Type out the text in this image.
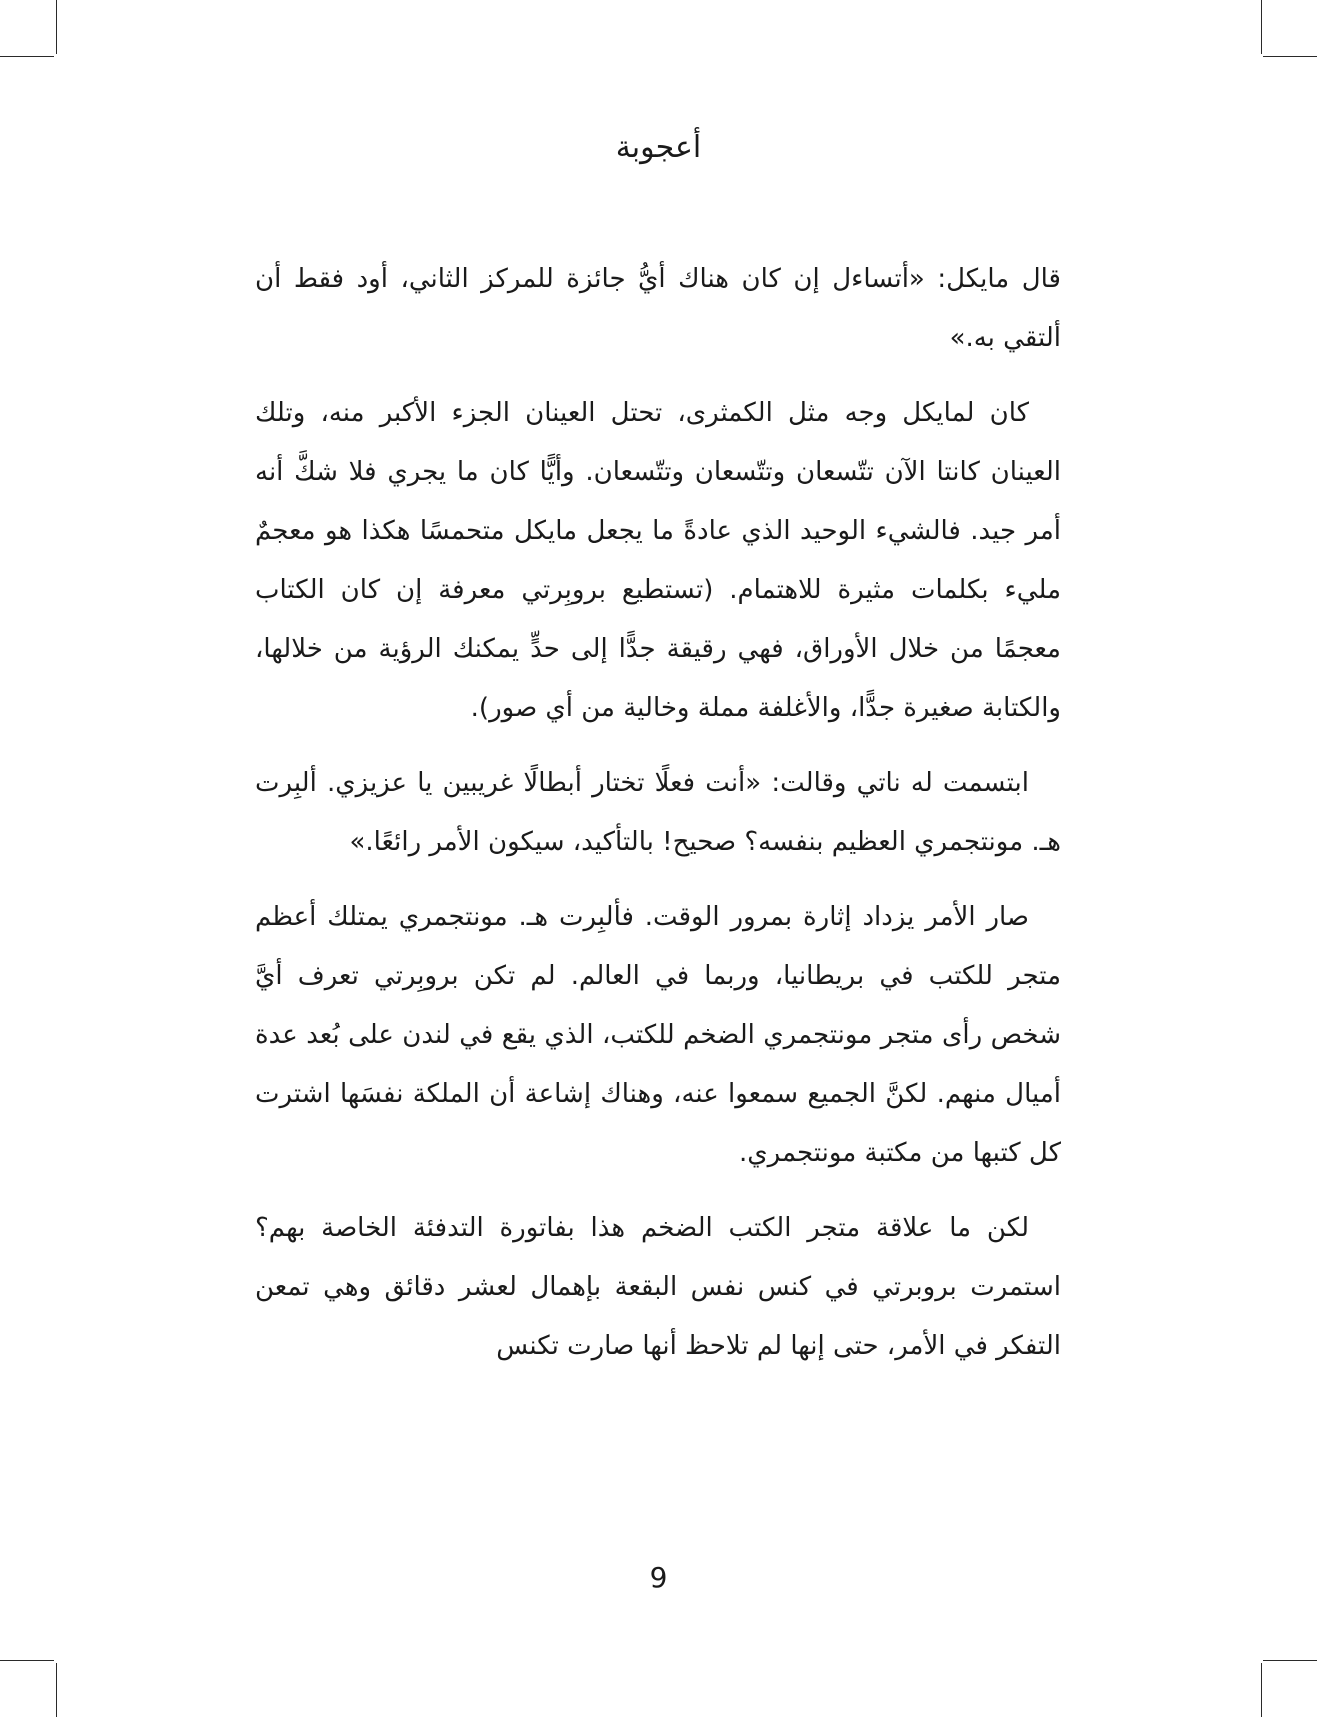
أعجوبة

قال مايكل: «أتساءل إن كان هناك أيُّ جائزة للمركز الثاني، أود فقط أن ألتقي به.»

كان لمايكل وجه مثل الكمثرى، تحتل العينان الجزء الأكبر منه، وتلك العينان كانتا الآن تتّسعان وتتّسعان وتتّسعان. وأيًّا كان ما يجري فلا شكَّ أنه أمر جيد. فالشيء الوحيد الذي عادةً ما يجعل مايكل متحمسًا هكذا هو معجمٌ مليء بكلمات مثيرة للاهتمام. (تستطيع بروبِرتي معرفة إن كان الكتاب معجمًا من خلال الأوراق، فهي رقيقة جدًّا إلى حدٍّ يمكنك الرؤية من خلالها، والكتابة صغيرة جدًّا، والأغلفة مملة وخالية من أي صور).

ابتسمت له ناتي وقالت: «أنت فعلًا تختار أبطالًا غريبين يا عزيزي. ألبِرت هـ. مونتجمري العظيم بنفسه؟ صحيح! بالتأكيد، سيكون الأمر رائعًا.»

صار الأمر يزداد إثارة بمرور الوقت. فألبِرت هـ. مونتجمري يمتلك أعظم متجر للكتب في بريطانيا، وربما في العالم. لم تكن بروبِرتي تعرف أيَّ شخص رأى متجر مونتجمري الضخم للكتب، الذي يقع في لندن على بُعد عدة أميال منهم. لكنَّ الجميع سمعوا عنه، وهناك إشاعة أن الملكة نفسَها اشترت كل كتبها من مكتبة مونتجمري.

لكن ما علاقة متجر الكتب الضخم هذا بفاتورة التدفئة الخاصة بهم؟ استمرت بروبرتي في كنس نفس البقعة بإهمال لعشر دقائق وهي تمعن التفكر في الأمر، حتى إنها لم تلاحظ أنها صارت تكنس

9
